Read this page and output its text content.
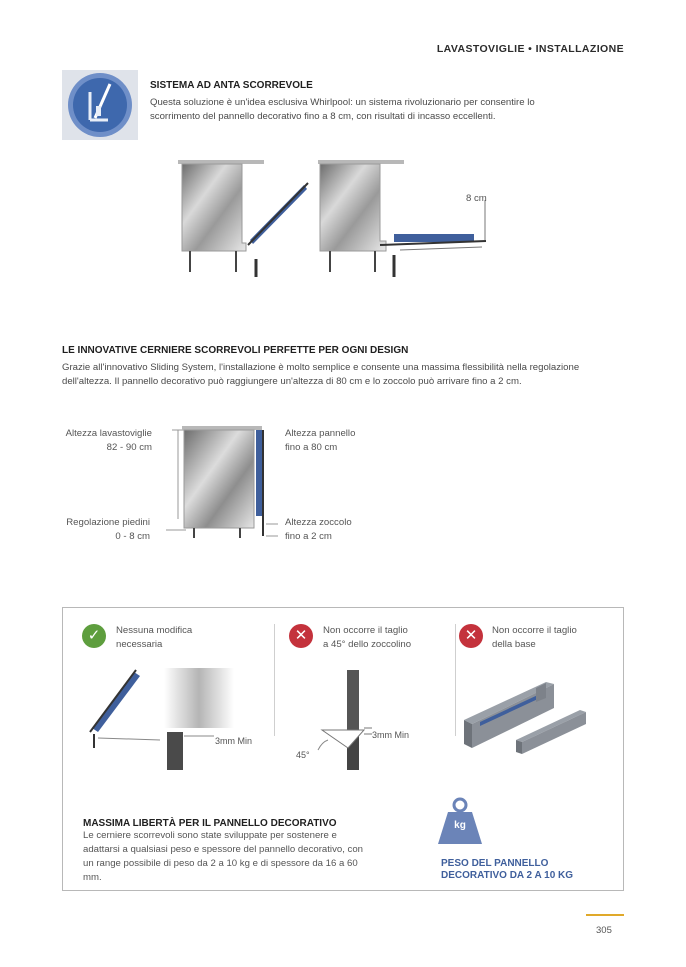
LAVASTOVIGLIE • INSTALLAZIONE
SISTEMA AD ANTA SCORREVOLE
Questa soluzione è un'idea esclusiva Whirlpool: un sistema rivoluzionario per consentire lo
scorrimento del pannello decorativo fino a 8 cm, con risultati di incasso eccellenti.
8 cm
LE INNOVATIVE CERNIERE SCORREVOLI PERFETTE PER OGNI DESIGN
Grazie all'innovativo Sliding System, l'installazione è molto semplice e consente una massima flessibilità nella regolazione
dell'altezza. Il pannello decorativo può raggiungere un'altezza di 80 cm e lo zoccolo può arrivare fino a 2 cm.
Altezza lavastoviglie
82 - 90 cm
Regolazione piedini
0 - 8 cm
Altezza pannello
fino a 80 cm
Altezza zoccolo
fino a 2 cm
✓	Nessuna modifica
necessaria
3mm Min
✕	Non occorre il taglio
a 45° dello zoccolino
3mm Min
45°
✕	Non occorre il taglio
della base
MASSIMA LIBERTÀ PER IL PANNELLO DECORATIVO
Le cerniere scorrevoli sono state sviluppate per sostenere e
adattarsi a qualsiasi peso e spessore del pannello decorativo, con
un range possibile di peso da 2 a 10 kg e di spessore da 16 a 60
mm.
kg
PESO DEL PANNELLO
DECORATIVO DA 2 A 10 KG
305
